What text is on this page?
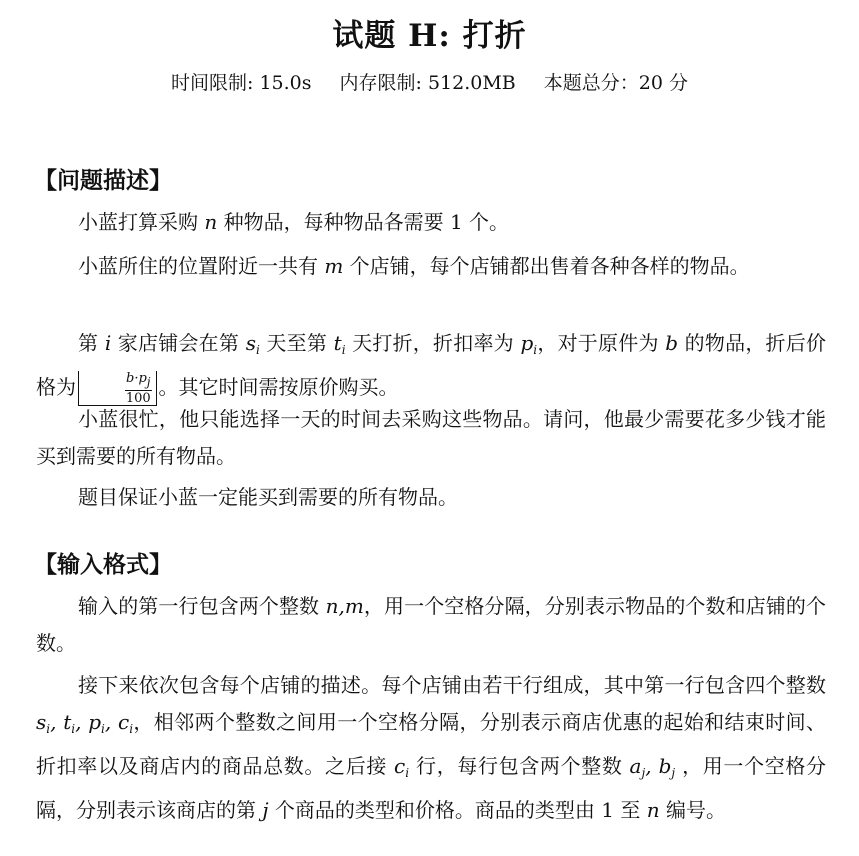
试题 H: 打折
时间限制: 15.0s 内存限制: 512.0MB 本题总分：20 分
【问题描述】
小蓝打算采购 n 种物品，每种物品各需要 1 个。
小蓝所住的位置附近一共有 m 个店铺，每个店铺都出售着各种各样的物品。
第 i 家店铺会在第 $s_i$ 天至第 $t_i$ 天打折，折扣率为 $p_i$，对于原件为 b 的物品，折后价格为	$\frac{b\cdot p_j}{100}$ 。其它时间需按原价购买。
小蓝很忙，他只能选择一天的时间去采购这些物品。请问，他最少需要花多少钱才能买到需要的所有物品。
题目保证小蓝一定能买到需要的所有物品。
【输入格式】
输入的第一行包含两个整数 n,m，用一个空格分隔，分别表示物品的个数和店铺的个数。
接下来依次包含每个店铺的描述。每个店铺由若干行组成，其中第一行包含四个整数 $s_i$, $t_i$, $p_i$, $c_i$，相邻两个整数之间用一个空格分隔，分别表示商店优惠的起始和结束时间、折扣率以及商店内的商品总数。之后接 $c_i$ 行，每行包含两个整数 $a_j$, $b_j$ ，用一个空格分隔，分别表示该商店的第 j 个商品的类型和价格。商品的类型由 1 至 n 编号。
